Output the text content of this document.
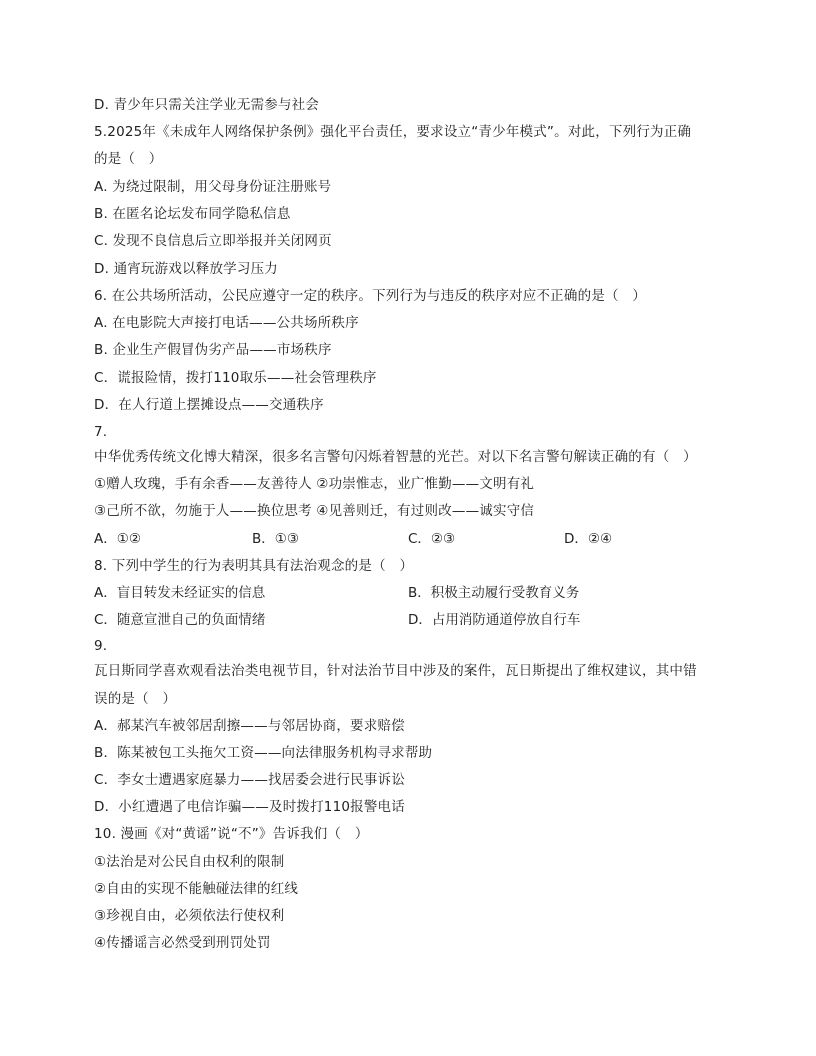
D. 青少年只需关注学业无需参与社会
5.2025年《未成年人网络保护条例》强化平台责任，要求设立“青少年模式”。对此，下列行为正确
的是（　）
A. 为绕过限制，用父母身份证注册账号
B. 在匿名论坛发布同学隐私信息
C. 发现不良信息后立即举报并关闭网页
D. 通宵玩游戏以释放学习压力
6. 在公共场所活动，公民应遵守一定的秩序。下列行为与违反的秩序对应不正确的是（　）
A. 在电影院大声接打电话——公共场所秩序
B. 企业生产假冒伪劣产品——市场秩序
C．谎报险情，拨打110取乐——社会管理秩序
D．在人行道上摆摊设点——交通秩序
7.
中华优秀传统文化博大精深，很多名言警句闪烁着智慧的光芒。对以下名言警句解读正确的有（　）
①赠人玫瑰，手有余香——友善待人 ②功崇惟志，业广惟勤——文明有礼
③己所不欲，勿施于人——换位思考 ④见善则迁，有过则改——诚实守信
A．①②	B．①③	C．②③	D．②④
8. 下列中学生的行为表明其具有法治观念的是（　）
A．盲目转发未经证实的信息	B．积极主动履行受教育义务
C．随意宣泄自己的负面情绪	D．占用消防通道停放自行车
9.
瓦日斯同学喜欢观看法治类电视节目，针对法治节目中涉及的案件，瓦日斯提出了维权建议，其中错
误的是（　）
A．郝某汽车被邻居刮擦——与邻居协商，要求赔偿
B．陈某被包工头拖欠工资——向法律服务机构寻求帮助
C．李女士遭遇家庭暴力——找居委会进行民事诉讼
D．小红遭遇了电信诈骗——及时拨打110报警电话
10. 漫画《对“黄谣”说“不”》告诉我们（　）
①法治是对公民自由权利的限制
②自由的实现不能触碰法律的红线
③珍视自由，必须依法行使权利
④传播谣言必然受到刑罚处罚
